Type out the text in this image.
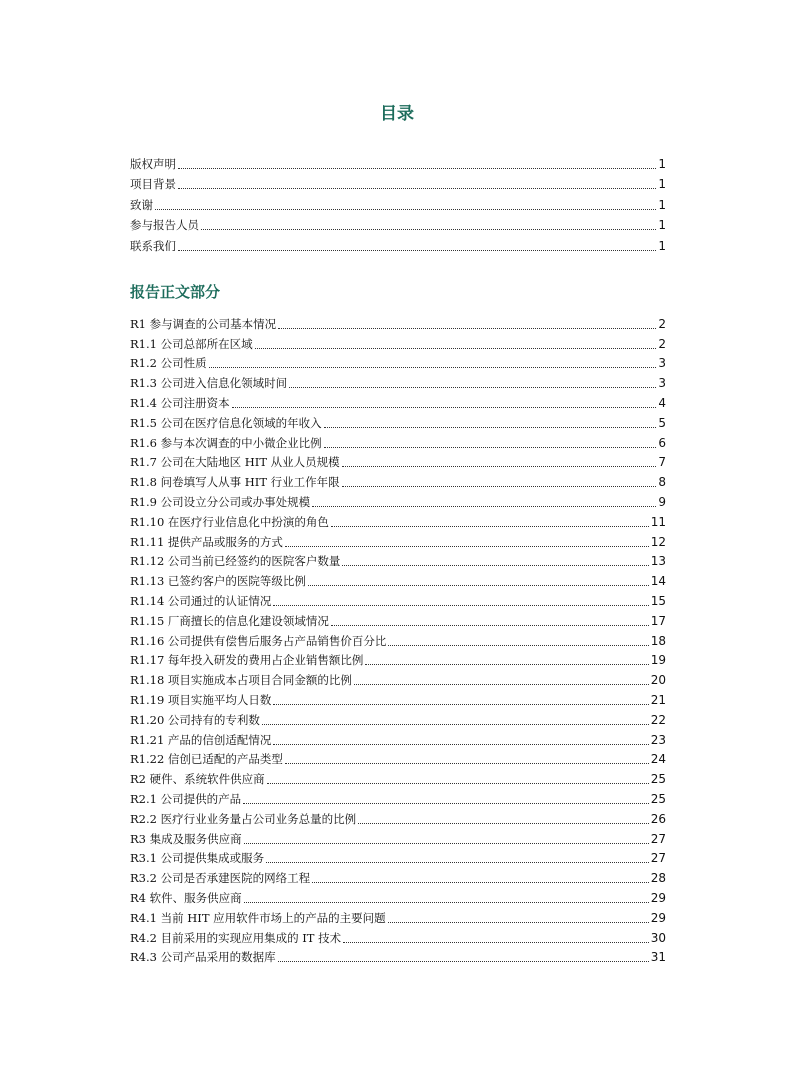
目录
版权声明	1
项目背景	1
致谢	1
参与报告人员	1
联系我们	1
报告正文部分
R1 参与调查的公司基本情况	2
R1.1 公司总部所在区域	2
R1.2 公司性质	3
R1.3 公司进入信息化领域时间	3
R1.4 公司注册资本	4
R1.5 公司在医疗信息化领域的年收入	5
R1.6 参与本次调查的中小微企业比例	6
R1.7 公司在大陆地区 HIT 从业人员规模	7
R1.8 问卷填写人从事 HIT 行业工作年限	8
R1.9 公司设立分公司或办事处规模	9
R1.10 在医疗行业信息化中扮演的角色	11
R1.11 提供产品或服务的方式	12
R1.12 公司当前已经签约的医院客户数量	13
R1.13 已签约客户的医院等级比例	14
R1.14 公司通过的认证情况	15
R1.15 厂商擅长的信息化建设领域情况	17
R1.16 公司提供有偿售后服务占产品销售价百分比	18
R1.17 每年投入研发的费用占企业销售额比例	19
R1.18 项目实施成本占项目合同金额的比例	20
R1.19 项目实施平均人日数	21
R1.20 公司持有的专利数	22
R1.21 产品的信创适配情况	23
R1.22 信创已适配的产品类型	24
R2 硬件、系统软件供应商	25
R2.1 公司提供的产品	25
R2.2 医疗行业业务量占公司业务总量的比例	26
R3 集成及服务供应商	27
R3.1 公司提供集成或服务	27
R3.2 公司是否承建医院的网络工程	28
R4 软件、服务供应商	29
R4.1 当前 HIT 应用软件市场上的产品的主要问题	29
R4.2 目前采用的实现应用集成的 IT 技术	30
R4.3 公司产品采用的数据库	31
